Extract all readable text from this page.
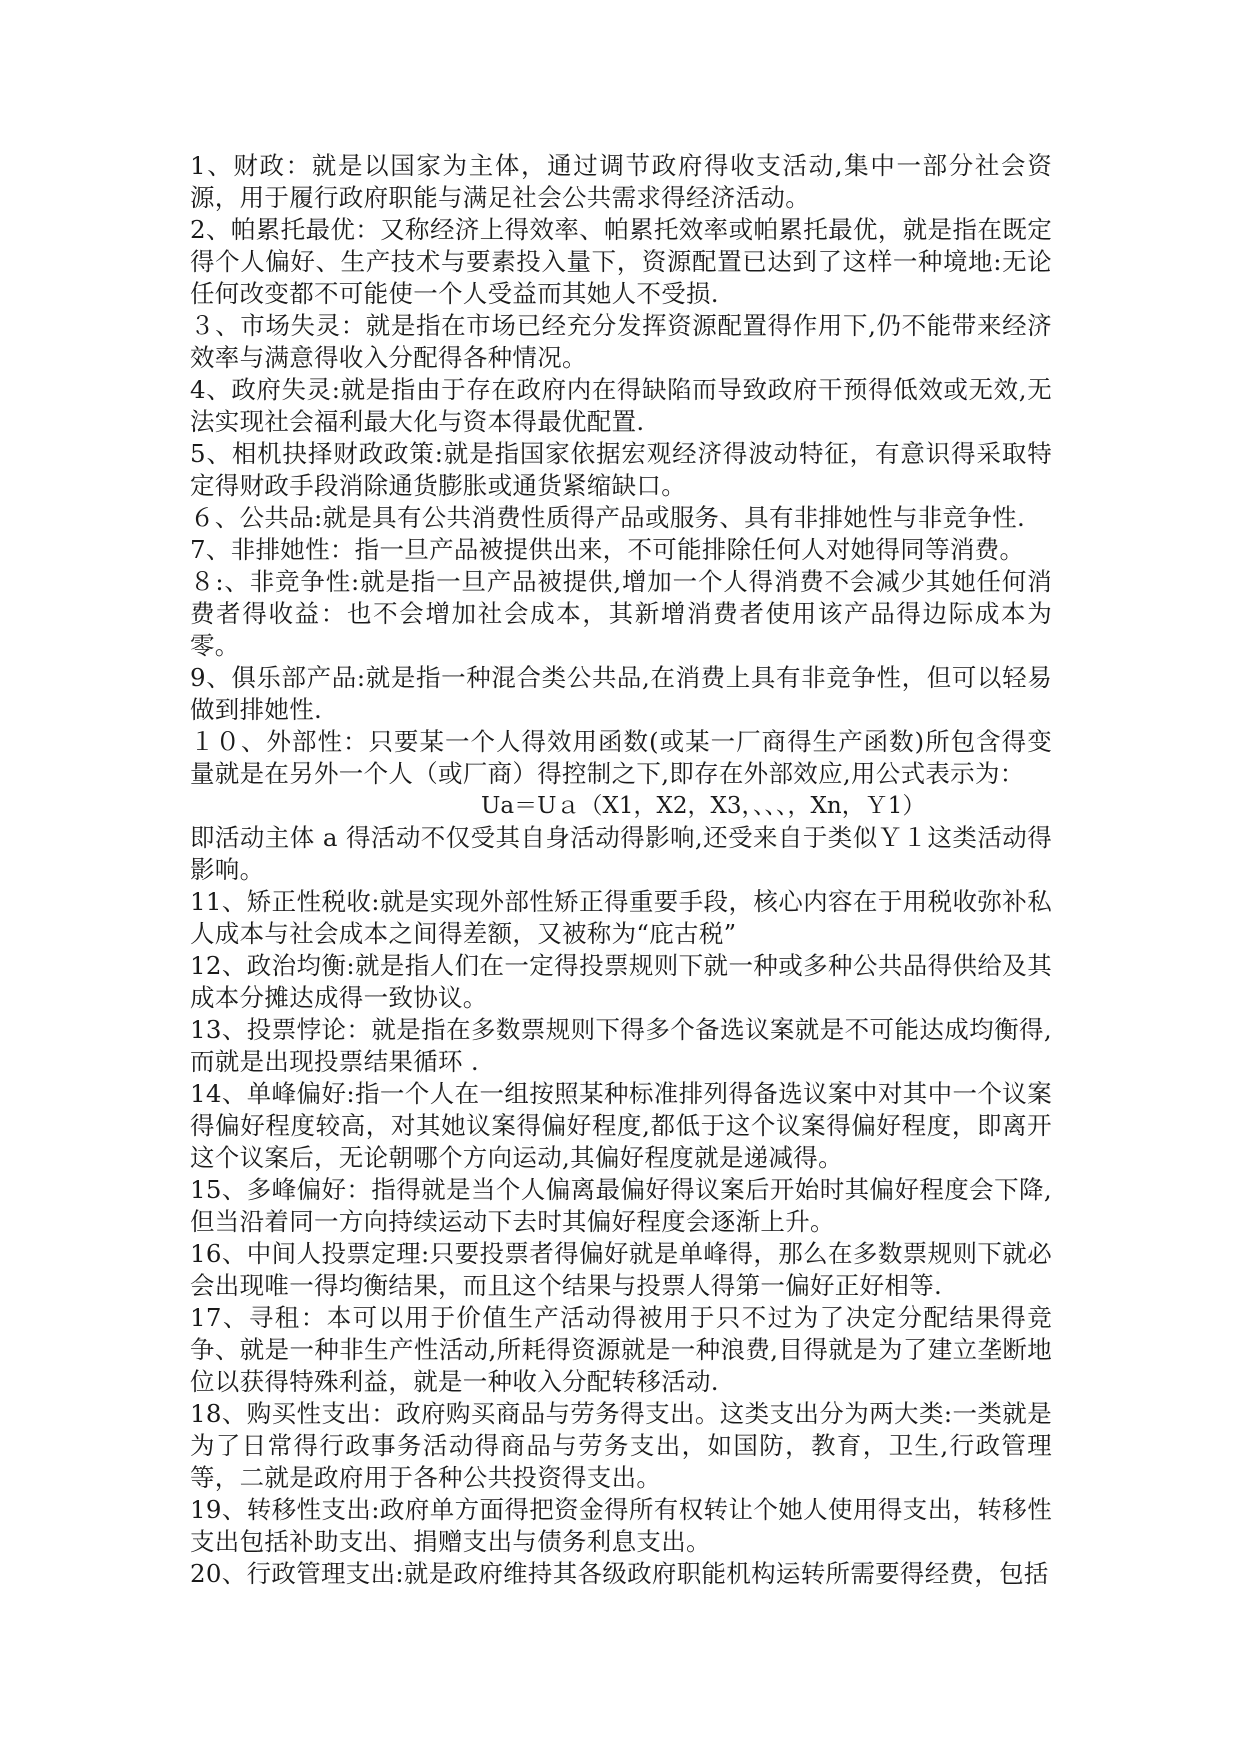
1、财政：就是以国家为主体，通过调节政府得收支活动,集中一部分社会资源，用于履行政府职能与满足社会公共需求得经济活动。

2、帕累托最优：又称经济上得效率、帕累托效率或帕累托最优，就是指在既定得个人偏好、生产技术与要素投入量下，资源配置已达到了这样一种境地:无论任何改变都不可能使一个人受益而其她人不受损.

３、市场失灵：就是指在市场已经充分发挥资源配置得作用下,仍不能带来经济效率与满意得收入分配得各种情况。

4、政府失灵:就是指由于存在政府内在得缺陷而导致政府干预得低效或无效,无法实现社会福利最大化与资本得最优配置.

5、相机抉择财政政策:就是指国家依据宏观经济得波动特征，有意识得采取特定得财政手段消除通货膨胀或通货紧缩缺口。

６、公共品:就是具有公共消费性质得产品或服务、具有非排她性与非竞争性.

7、非排她性：指一旦产品被提供出来，不可能排除任何人对她得同等消费。

８:、非竞争性:就是指一旦产品被提供,增加一个人得消费不会减少其她任何消费者得收益：也不会增加社会成本，其新增消费者使用该产品得边际成本为零。

9、俱乐部产品:就是指一种混合类公共品,在消费上具有非竞争性，但可以轻易做到排她性.

１０、外部性：只要某一个人得效用函数(或某一厂商得生产函数)所包含得变量就是在另外一个人（或厂商）得控制之下,即存在外部效应,用公式表示为：

Ua＝Uａ（X1，X2，X3，、、、，Xn，Ｙ1）

即活动主体 a 得活动不仅受其自身活动得影响,还受来自于类似Ｙ１这类活动得影响。

11、矫正性税收:就是实现外部性矫正得重要手段，核心内容在于用税收弥补私人成本与社会成本之间得差额，又被称为“庇古税”

12、政治均衡:就是指人们在一定得投票规则下就一种或多种公共品得供给及其成本分摊达成得一致协议。

13、投票悖论：就是指在多数票规则下得多个备选议案就是不可能达成均衡得,而就是出现投票结果循环 .

14、单峰偏好:指一个人在一组按照某种标准排列得备选议案中对其中一个议案得偏好程度较高，对其她议案得偏好程度,都低于这个议案得偏好程度，即离开这个议案后，无论朝哪个方向运动,其偏好程度就是递减得。

15、多峰偏好：指得就是当个人偏离最偏好得议案后开始时其偏好程度会下降,但当沿着同一方向持续运动下去时其偏好程度会逐渐上升。

16、中间人投票定理:只要投票者得偏好就是单峰得，那么在多数票规则下就必会出现唯一得均衡结果，而且这个结果与投票人得第一偏好正好相等.

17、寻租：本可以用于价值生产活动得被用于只不过为了决定分配结果得竞争、就是一种非生产性活动,所耗得资源就是一种浪费,目得就是为了建立垄断地位以获得特殊利益，就是一种收入分配转移活动.

18、购买性支出：政府购买商品与劳务得支出。这类支出分为两大类:一类就是为了日常得行政事务活动得商品与劳务支出，如国防，教育，卫生,行政管理等，二就是政府用于各种公共投资得支出。

19、转移性支出:政府单方面得把资金得所有权转让个她人使用得支出，转移性支出包括补助支出、捐赠支出与债务利息支出。

20、行政管理支出:就是政府维持其各级政府职能机构运转所需要得经费，包括
